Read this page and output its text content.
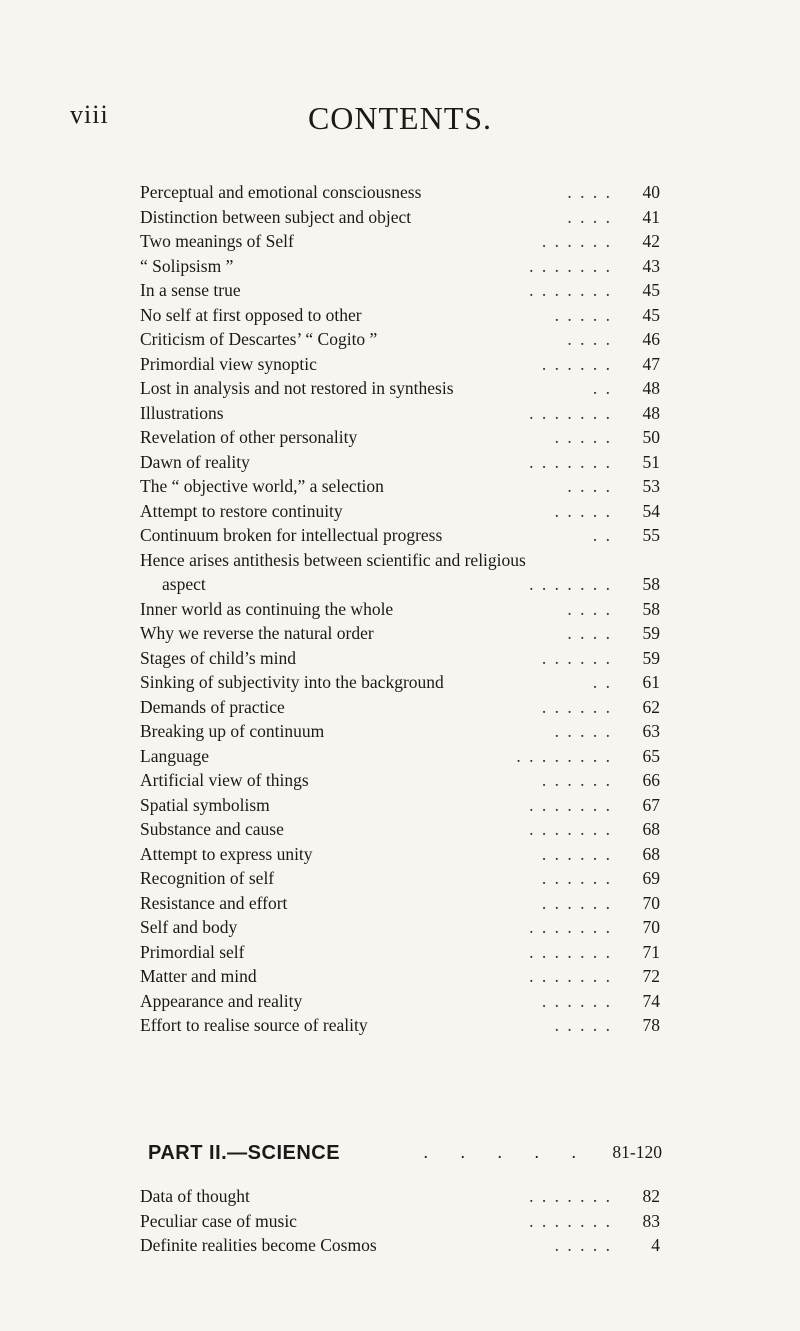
viii	CONTENTS.
. . . .
Perceptual and emotional consciousness	40
. . . .
Distinction between subject and object	41
. . . . . .
Two meanings of Self	42
. . . . . . .
“ Solipsism ”	43
. . . . . . .
In a sense true	45
. . . . .
No self at first opposed to other	45
. . . .
Criticism of Descartes’ “ Cogito ”	46
. . . . . .
Primordial view synoptic	47
. .
Lost in analysis and not restored in synthesis	48
. . . . . . .
Illustrations	48
. . . . .
Revelation of other personality	50
. . . . . . .
Dawn of reality	51
. . . .
The “ objective world,” a selection	53
. . . . .
Attempt to restore continuity	54
. .
Continuum broken for intellectual progress	55
Hence arises antithesis between scientific and religious
. . . . . . .
aspect	58
. . . .
Inner world as continuing the whole	58
. . . .
Why we reverse the natural order	59
. . . . . .
Stages of child’s mind	59
. .
Sinking of subjectivity into the background	61
. . . . . .
Demands of practice	62
. . . . .
Breaking up of continuum	63
. . . . . . . .
Language	65
. . . . . .
Artificial view of things	66
. . . . . . .
Spatial symbolism	67
. . . . . . .
Substance and cause	68
. . . . . .
Attempt to express unity	68
. . . . . .
Recognition of self	69
. . . . . .
Resistance and effort	70
. . . . . . .
Self and body	70
. . . . . . .
Primordial self	71
. . . . . . .
Matter and mind	72
. . . . . .
Appearance and reality	74
. . . . .
Effort to realise source of reality	78
PART II.—SCIENCE	. . . . . 81-120
. . . . . . .
Data of thought	82
. . . . . . .
Peculiar case of music	83
. . . . .
Definite realities become Cosmos	4
